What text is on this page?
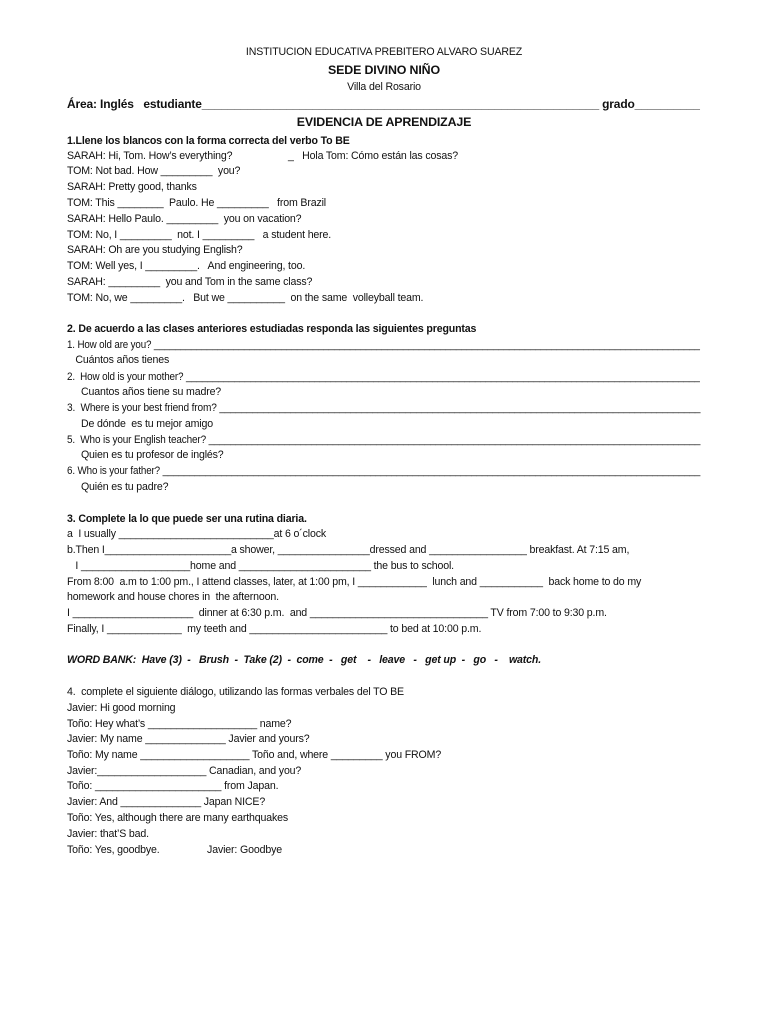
INSTITUCION EDUCATIVA PREBITERO ALVARO SUAREZ
SEDE DIVINO NIÑO
Villa del Rosario
Área: Inglés   estudiante_____________________________________________________________ grado__________
EVIDENCIA DE APRENDIZAJE
1.Llene los blancos con la forma correcta del verbo To BE
SARAH: Hi, Tom. How’s everything?	_   Hola Tom: Cómo están las cosas?
TOM: Not bad. How _________  you?
SARAH: Pretty good, thanks
TOM: This ________  Paulo. He _________   from Brazil
SARAH: Hello Paulo. _________  you on vacation?
TOM: No, I _________  not. I _________   a student here.
SARAH: Oh are you studying English?
TOM: Well yes, I _________.   And engineering, too.
SARAH: _________  you and Tom in the same class?
TOM: No, we _________.   But we __________  on the same  volleyball team.
2. De acuerdo a las clases anteriores estudiadas responda las siguientes preguntas
1. How old are you? _______________________________________________________________________________________________________
Cuántos años tienes
2.  How old is your mother? ________________________________________________________________________________________________
Cuantos años tiene su madre?
3.  Where is your best friend from? ________________________________________________________________________________________
De dónde  es tu mejor amigo
5.  Who is your English teacher? ___________________________________________________________________________________________
Quien es tu profesor de inglés?
6. Who is your father? _____________________________________________________________________________________________________
Quién es tu padre?
3. Complete la lo que puede ser una rutina diaria.
a  I usually ___________________________at 6 o´clock
b.Then I______________________a shower, ________________dressed and _________________ breakfast. At 7:15 am,
I ___________________home and _______________________ the bus to school.
From 8:00  a.m to 1:00 pm., I attend classes, later, at 1:00 pm, I ____________  lunch and ___________  back home to do my
homework and house chores in  the afternoon.
I _____________________  dinner at 6:30 p.m.  and _______________________________ TV from 7:00 to 9:30 p.m.
Finally, I _____________  my teeth and ________________________ to bed at 10:00 p.m.
WORD BANK:  Have (3)  -   Brush  -  Take (2)  -  come  -   get    -   leave   -   get up  -   go   -    watch.
4.  complete el siguiente diálogo, utilizando las formas verbales del TO BE
Javier: Hi good morning
Toño: Hey what’s ___________________ name?
Javier: My name ______________ Javier and yours?
Toño: My name ___________________ Toño and, where _________ you FROM?
Javier:___________________ Canadian, and you?
Toño: ______________________ from Japan.
Javier: And ______________ Japan NICE?
Toño: Yes, although there are many earthquakes
Javier: that’S bad.
Toño: Yes, goodbye.                 Javier: Goodbye
